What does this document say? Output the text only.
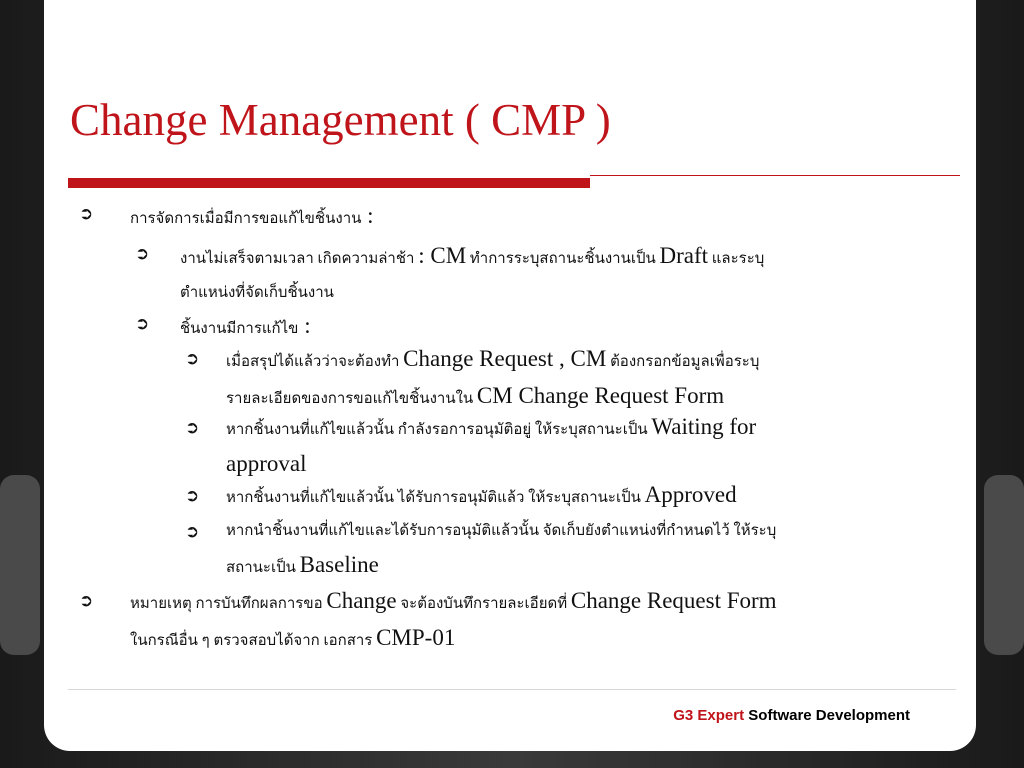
Change Management ( CMP )
➲ การจัดการเมื่อมีการขอแก้ไขชิ้นงาน :
➲ งานไม่เสร็จตามเวลา เกิดความล่าช้า : CM ทำการระบุสถานะชิ้นงานเป็น Draft และระบุ
ตำแหน่งที่จัดเก็บชิ้นงาน
➲ ชิ้นงานมีการแก้ไข :
➲ เมื่อสรุปได้แล้วว่าจะต้องทำ Change Request , CM ต้องกรอกข้อมูลเพื่อระบุ
รายละเอียดของการขอแก้ไขชิ้นงานใน CM Change Request Form
➲ หากชิ้นงานที่แก้ไขแล้วนั้น กำลังรอการอนุมัติอยู่ ให้ระบุสถานะเป็น Waiting for
approval
➲ หากชิ้นงานที่แก้ไขแล้วนั้น ได้รับการอนุมัติแล้ว ให้ระบุสถานะเป็น Approved
➲ หากนำชิ้นงานที่แก้ไขและได้รับการอนุมัติแล้วนั้น จัดเก็บยังตำแหน่งที่กำหนดไว้ ให้ระบุ
สถานะเป็น Baseline
➲ หมายเหตุ การบันทึกผลการขอ Change จะต้องบันทึกรายละเอียดที่ Change Request Form
ในกรณีอื่น ๆ ตรวจสอบได้จาก เอกสาร CMP-01
G3 Expert Software Development
